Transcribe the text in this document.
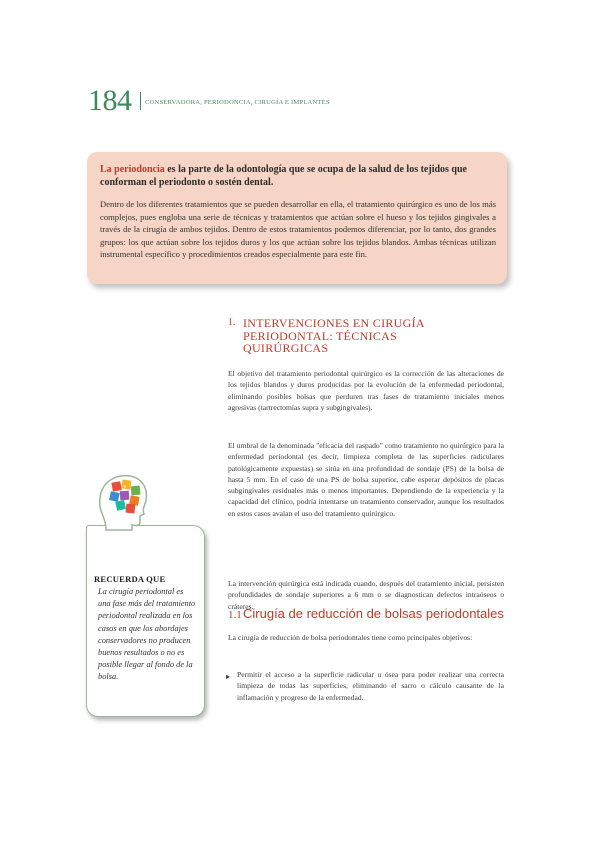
184 CONSERVADORA, PERIODONCIA, CIRUGÍA E IMPLANTES
La periodoncia es la parte de la odontología que se ocupa de la salud de los tejidos que conforman el periodonto o sostén dental.
Dentro de los diferentes tratamientos que se pueden desarrollar en ella, el tratamiento quirúrgico es uno de los más complejos, pues engloba una serie de técnicas y tratamientos que actúan sobre el hueso y los tejidos gingivales a través de la cirugía de ambos tejidos. Dentro de estos tratamientos podemos diferenciar, por lo tanto, dos grandes grupos: los que actúan sobre los tejidos duros y los que actúan sobre los tejidos blandos. Ambas técnicas utilizan instrumental específico y procedimientos creados especialmente para este fin.
1. INTERVENCIONES EN CIRUGÍA PERIODONTAL: TÉCNICAS QUIRÚRGICAS
El objetivo del tratamiento periodontal quirúrgico es la corrección de las alteraciones de los tejidos blandos y duros producidas por la evolución de la enfermedad periodontal, eliminando posibles bolsas que perduren tras fases de tratamiento iniciales menos agresivas (tartrectomías supra y subgingivales).
El umbral de la denominada "eficacia del raspado" como tratamiento no quirúrgico para la enfermedad periodontal (es decir, limpieza completa de las superficies radiculares patológicamente expuestas) se sitúa en una profundidad de sondaje (PS) de la bolsa de hasta 5 mm. En el caso de una PS de bolsa superior, cabe esperar depósitos de placas subgingivales residuales más o menos importantes. Dependiendo de la experiencia y la capacidad del clínico, podría intentarse un tratamiento conservador, aunque los resultados en estos casos avalan el uso del tratamiento quirúrgico.
La intervención quirúrgica está indicada cuando, después del tratamiento inicial, persisten profundidades de sondaje superiores a 6 mm o se diagnostican defectos intraóseos o cráteres.
1.1 Cirugía de reducción de bolsas periodontales
La cirugía de reducción de bolsa periodontales tiene como principales objetivos:
▸ Permitir el acceso a la superficie radicular u ósea para poder realizar una correcta limpieza de todas las superficies, eliminando el sarro o cálculo causante de la inflamación y progreso de la enfermedad.
?
RECUERDA QUE
La cirugía periodontal es una fase más del tratamiento periodontal realizada en los casos en que los abordajes conservadores no producen buenos resultados o no es posible llegar al fondo de la bolsa.
